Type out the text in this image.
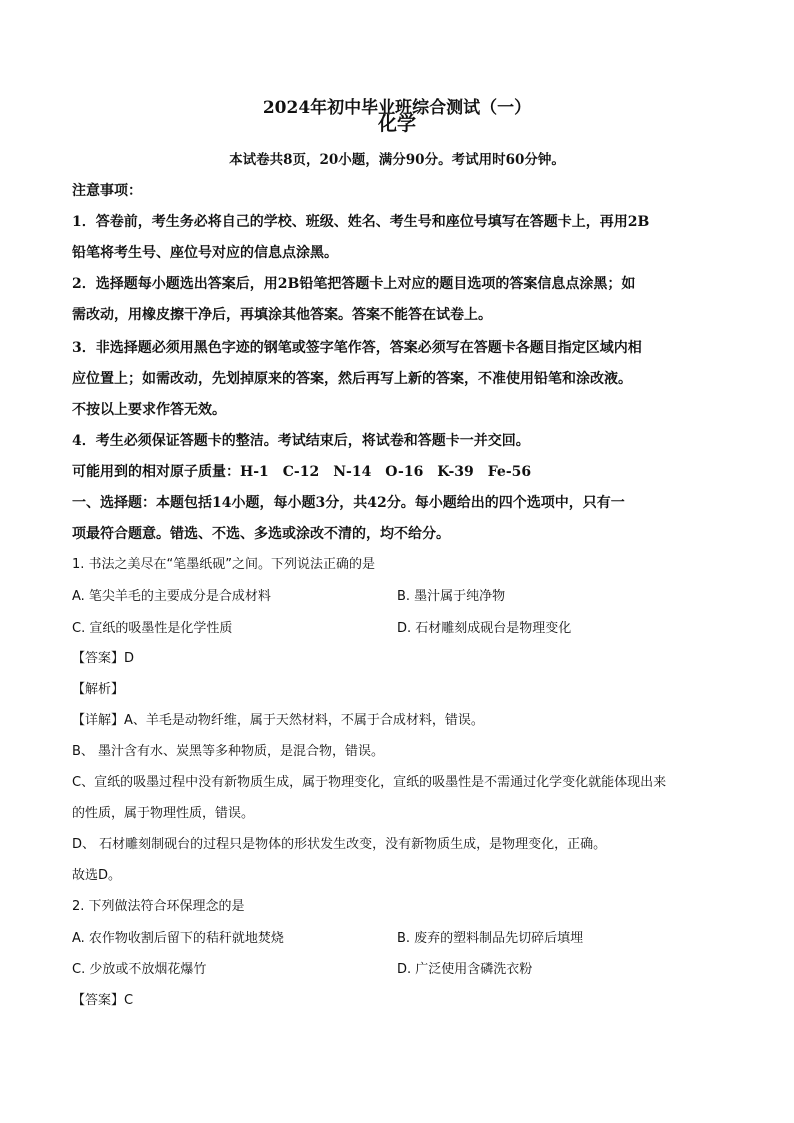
2024年初中毕业班综合测试（一）
化学
本试卷共8页，20小题，满分90分。考试用时60分钟。
注意事项：
1．答卷前，考生务必将自己的学校、班级、姓名、考生号和座位号填写在答题卡上，再用2B
铅笔将考生号、座位号对应的信息点涂黑。
2．选择题每小题选出答案后，用2B铅笔把答题卡上对应的题目选项的答案信息点涂黑；如
需改动，用橡皮擦干净后，再填涂其他答案。答案不能答在试卷上。
3．非选择题必须用黑色字迹的钢笔或签字笔作答，答案必须写在答题卡各题目指定区域内相
应位置上；如需改动，先划掉原来的答案，然后再写上新的答案，不准使用铅笔和涂改液。
不按以上要求作答无效。
4．考生必须保证答题卡的整洁。考试结束后，将试卷和答题卡一并交回。
可能用到的相对原子质量：H-1　C-12　N-14　O-16　K-39　Fe-56
一、选择题：本题包括14小题，每小题3分，共42分。每小题给出的四个选项中，只有一
项最符合题意。错选、不选、多选或涂改不清的，均不给分。
1. 书法之美尽在“笔墨纸砚”之间。下列说法正确的是
A. 笔尖羊毛的主要成分是合成材料	B. 墨汁属于纯净物
C. 宣纸的吸墨性是化学性质	D. 石材雕刻成砚台是物理变化
【答案】D
【解析】
【详解】A、羊毛是动物纤维，属于天然材料，不属于合成材料，错误。
B、 墨汁含有水、炭黑等多种物质，是混合物，错误。
C、宣纸的吸墨过程中没有新物质生成，属于物理变化，宣纸的吸墨性是不需通过化学变化就能体现出来
的性质，属于物理性质，错误。
D、 石材雕刻制砚台的过程只是物体的形状发生改变，没有新物质生成，是物理变化，正确。
故选D。
2. 下列做法符合环保理念的是
A. 农作物收割后留下的秸秆就地焚烧	B. 废弃的塑料制品先切碎后填埋
C. 少放或不放烟花爆竹	D. 广泛使用含磷洗衣粉
【答案】C
